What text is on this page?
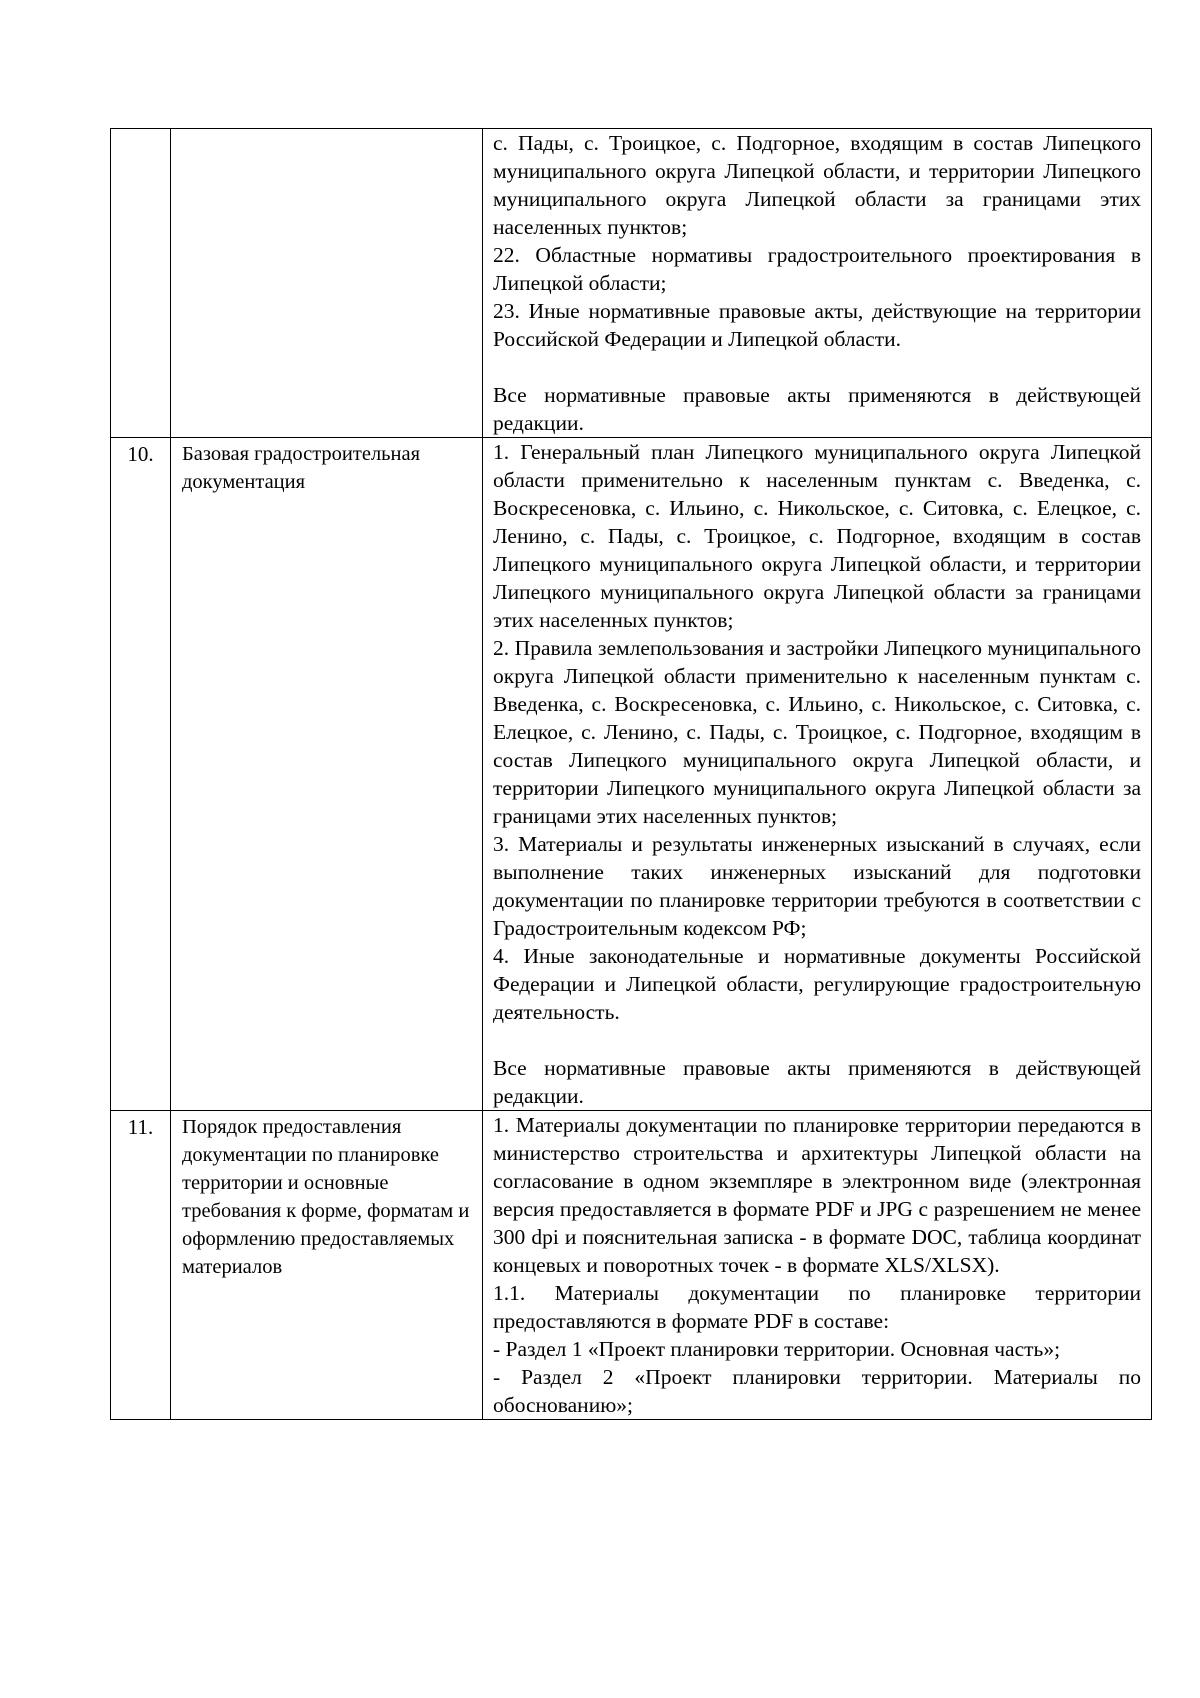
		с. Пады, с. Троицкое, с. Подгорное, входящим в состав Липецкого муниципального округа Липецкой области, и территории Липецкого муниципального округа Липецкой области за границами этих населенных пунктов;

22. Областные нормативы градостроительного проектирования в Липецкой области;

23. Иные нормативные правовые акты, действующие на территории Российской Федерации и Липецкой области.

Все нормативные правовые акты применяются в действующей редакции.

10.	Базовая градостроительная документация	1. Генеральный план Липецкого муниципального округа Липецкой области применительно к населенным пунктам с. Введенка, с. Воскресеновка, с. Ильино, с. Никольское, с. Ситовка, с. Елецкое, с. Ленино, с. Пады, с. Троицкое, с. Подгорное, входящим в состав Липецкого муниципального округа Липецкой области, и территории Липецкого муниципального округа Липецкой области за границами этих населенных пунктов;

2. Правила землепользования и застройки Липецкого муниципального округа Липецкой области применительно к населенным пунктам с. Введенка, с. Воскресеновка, с. Ильино, с. Никольское, с. Ситовка, с. Елецкое, с. Ленино, с. Пады, с. Троицкое, с. Подгорное, входящим в состав Липецкого муниципального округа Липецкой области, и территории Липецкого муниципального округа Липецкой области за границами этих населенных пунктов;

3. Материалы и результаты инженерных изысканий в случаях, если выполнение таких инженерных изысканий для подготовки документации по планировке территории требуются в соответствии с Градостроительным кодексом РФ;

4. Иные законодательные и нормативные документы Российской Федерации и Липецкой области, регулирующие градостроительную деятельность.

Все нормативные правовые акты применяются в действующей редакции.

11.	Порядок предоставления документации по планировке территории и основные требования к форме, форматам и оформлению предоставляемых материалов	1. Материалы документации по планировке территории передаются в министерство строительства и архитектуры Липецкой области на согласование в одном экземпляре в электронном виде (электронная версия предоставляется в формате PDF и JPG с разрешением не менее 300 dpi и пояснительная записка - в формате DOC, таблица координат концевых и поворотных точек - в формате XLS/XLSX).

1.1. Материалы документации по планировке территории предоставляются в формате PDF в составе:

- Раздел 1 «Проект планировки территории. Основная часть»;

- Раздел 2 «Проект планировки территории. Материалы по обоснованию»;
